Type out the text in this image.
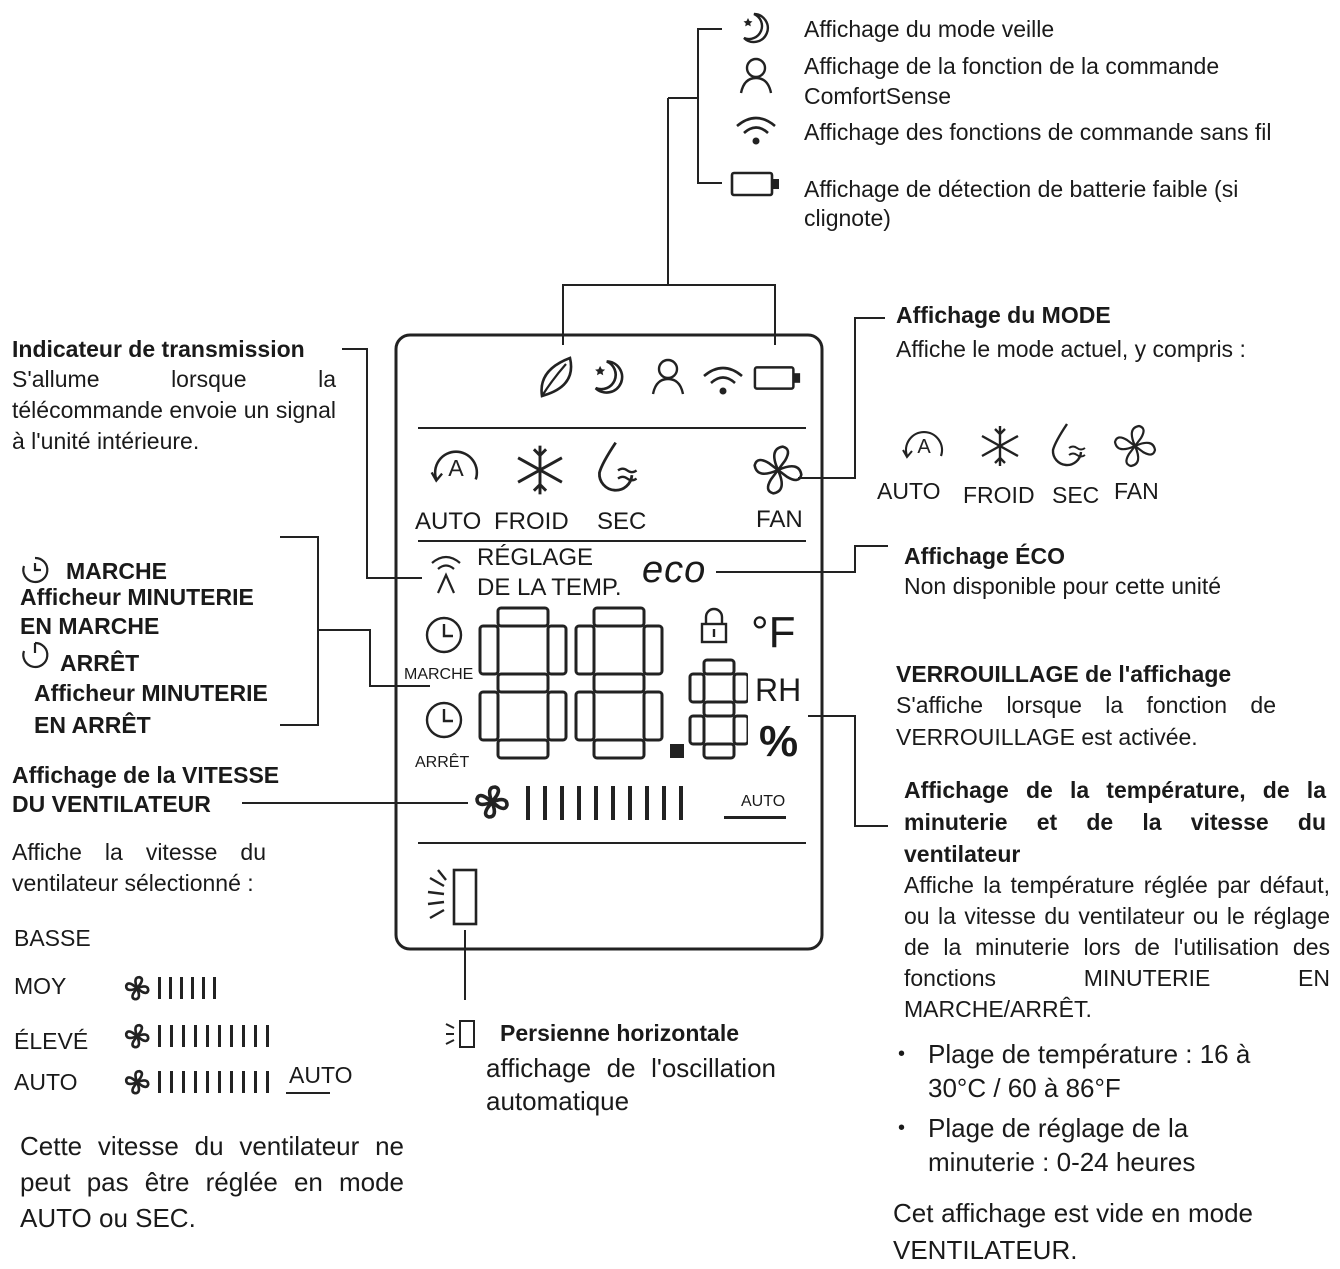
Affichage du mode veille
Affichage de la fonction de la commande
ComfortSense
Affichage des fonctions de commande sans fil
Affichage de détection de batterie faible (si
clignote)
Affichage du MODE
Affiche le mode actuel, y compris :
A
AUTO FROID SEC FAN
Indicateur de transmission
S'allume lorsque la télécommande envoie un signal à l'unité intérieure.
MARCHE
Afficheur MINUTERIE
EN MARCHE
ARRÊT
Afficheur MINUTERIE
EN ARRÊT
Affichage ÉCO
Non disponible pour cette unité
VERROUILLAGE de l'affichage
S'affiche lorsque la fonction de VERROUILLAGE est activée.
Affichage de la VITESSE
DU VENTILATEUR
Affiche la vitesse du ventilateur sélectionné :
BASSE
MOY
ÉLEVÉ
AUTO	AUTO
Cette vitesse du ventilateur ne peut pas être réglée en mode AUTO ou SEC.
Affichage de la température, de la minuterie et de la vitesse du ventilateur
Affiche la température réglée par défaut, ou la vitesse du ventilateur ou le réglage de la minuterie lors de l'utilisation des fonctions MINUTERIE EN MARCHE/ARRÊT.
• Plage de température : 16 à 30°C / 60 à 86°F
• Plage de réglage de la minuterie : 0-24 heures
Cet affichage est vide en mode VENTILATEUR.
Persienne horizontale
affichage de l'oscillation automatique
A
AUTO FROID SEC	FAN
RÉGLAGE
DE LA TEMP. eco
MARCHE
ARRÊT
°F
RH
%
AUTO
